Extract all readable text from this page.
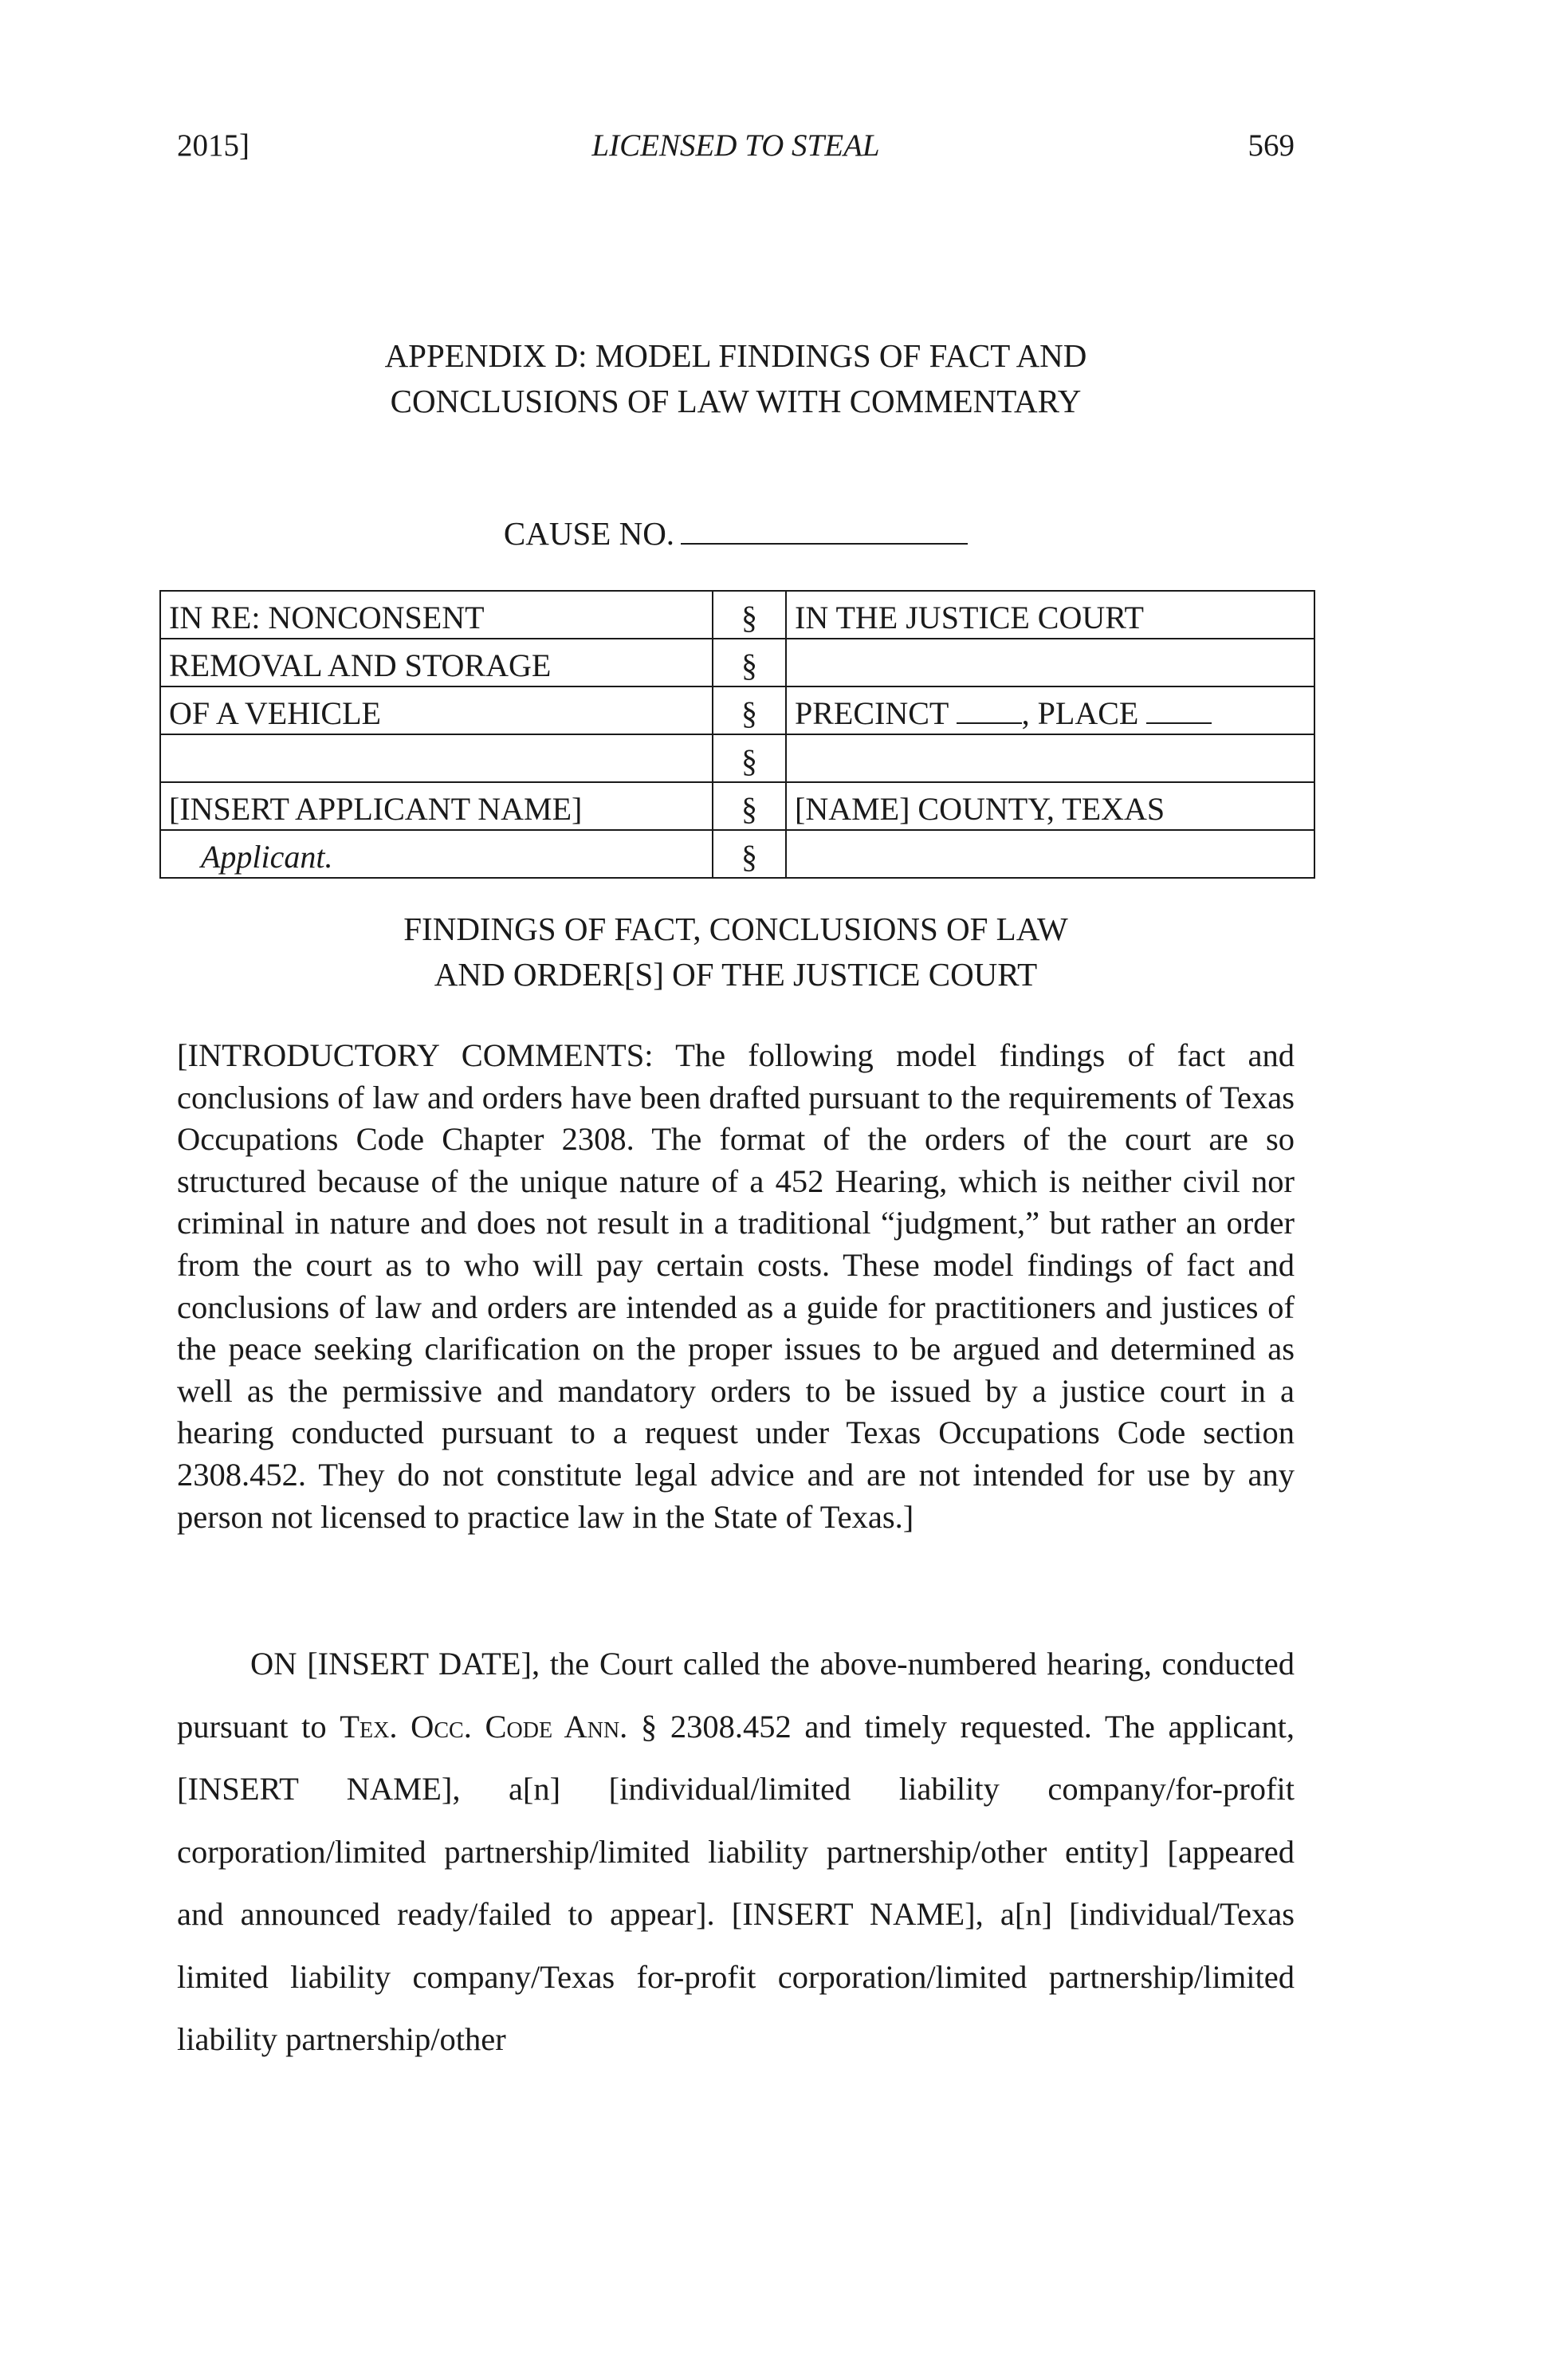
2015]	LICENSED TO STEAL	569
APPENDIX D: MODEL FINDINGS OF FACT AND
CONCLUSIONS OF LAW WITH COMMENTARY
CAUSE NO.
IN RE: NONCONSENT	§	IN THE JUSTICE COURT
REMOVAL AND STORAGE	§	
OF A VEHICLE	§	PRECINCT , PLACE
	§	
[INSERT APPLICANT NAME]	§	[NAME] COUNTY, TEXAS
Applicant.	§	
FINDINGS OF FACT, CONCLUSIONS OF LAW
AND ORDER[S] OF THE JUSTICE COURT

[INTRODUCTORY COMMENTS: The following model findings of fact and conclusions of law and orders have been drafted pursuant to the requirements of Texas Occupations Code Chapter 2308. The format of the orders of the court are so structured because of the unique nature of a 452 Hearing, which is neither civil nor criminal in nature and does not result in a traditional “judgment,” but rather an order from the court as to who will pay certain costs. These model findings of fact and conclusions of law and orders are intended as a guide for practitioners and justices of the peace seeking clarification on the proper issues to be argued and determined as well as the permissive and mandatory orders to be issued by a justice court in a hearing conducted pursuant to a request under Texas Occupations Code section 2308.452. They do not constitute legal advice and are not intended for use by any person not licensed to practice law in the State of Texas.]

ON [INSERT DATE], the Court called the above-numbered hearing, conducted pursuant to Tex. Occ. Code Ann. § 2308.452 and timely requested. The applicant, [INSERT NAME], a[n] [individual/limited liability company/for-profit corporation/limited partnership/limited liability partnership/other entity] [appeared and announced ready/failed to appear]. [INSERT NAME], a[n] [individual/Texas limited liability company/Texas for-profit corporation/limited partnership/limited liability partnership/other
